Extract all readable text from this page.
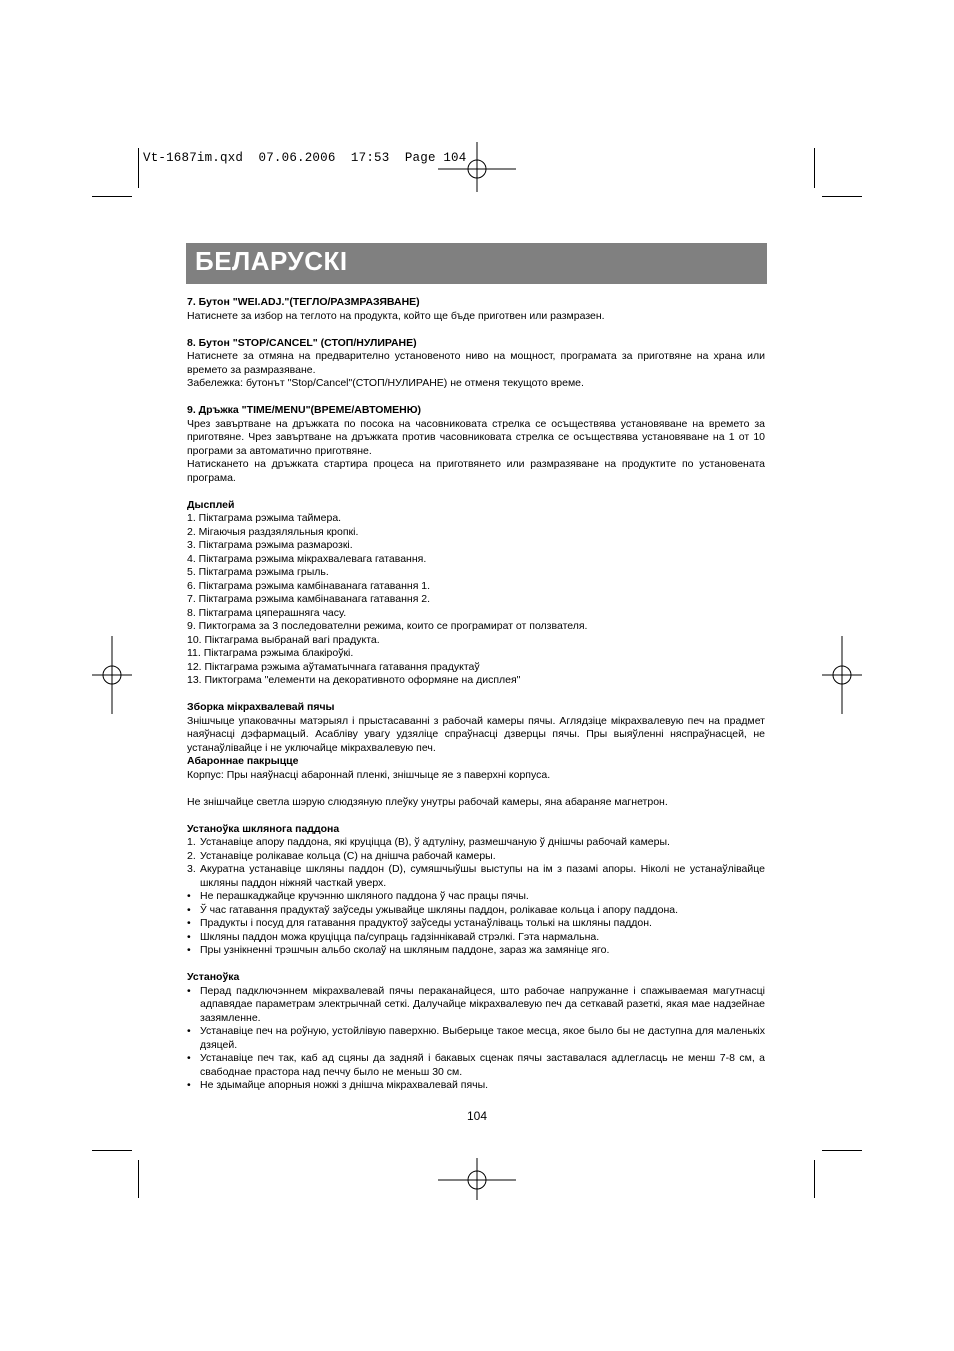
Vt-1687im.qxd  07.06.2006  17:53  Page 104
БЕЛАРУСКІ

7. Бутон "WEI.ADJ."(ТЕГЛО/РАЗМРАЗЯВАНЕ)

Натиснете за избор на теглото на продукта, който ще бъде приготвен или размразен.

8. Бутон "STOP/CANCEL" (СТОП/НУЛИРАНЕ)

Натиснете за отмяна на предварително установеното ниво на мощност, програмата за приготвяне на храна или времето за размразяване.

Забележка: бутонът "Stop/Cancel"(СТОП/НУЛИРАНЕ) не отменя текущото време.

9. Дръжка "TIME/MENU"(ВРЕМЕ/АВТОМЕНЮ)

Чрез завъртване на дръжката по посока на часовниковата стрелка се осъществява установяване на времето за приготвяне. Чрез завъртване на дръжката против часовниковата стрелка се осъществява установяване на 1 от 10 програми за автоматично приготвяне.

Натискането на дръжката стартира процеса на приготвянето или размразяване на продуктите по установената програма.

Дысплей

1. Піктаграма рэжыма таймера.
2. Мігаючыя раздзяляльныя кропкі.
3. Піктаграма рэжыма размарозкі.
4. Піктаграма рэжыма мікрахвалевага гатавання.
5. Піктаграма рэжыма грыль.
6. Піктаграма рэжыма камбінаванага гатавання 1.
7. Піктаграма рэжыма камбінаванага гатавання 2.
8. Піктаграма цяперашняга часу.
9. Пиктограма за 3 последователни режима, които се програмират от ползвателя.
10. Піктаграма выбранай вагі прадукта.
11. Піктаграма рэжыма блакіроўкі.
12. Піктаграма рэжыма аўтаматычнага гатавання прадуктаў
13. Пиктограма "елементи на декоративното оформяне на дисплея"

Зборка мікрахвалевай пячы

Знішчыце упаковачны матэрыял і прыстасаванні з рабочай камеры пячы. Аглядзіце мікрахвалевую печ на прадмет наяўнасці дэфармацый. Асабліву увагу удзяліце спраўнасці дзверцы пячы. Пры выяўленні няспраўнасцей, не устанаўлівайце і не уключайце мікрахвалевую печ.

Абароннае пакрыцце

Корпус: Пры наяўнасці абароннай пленкі, знішчыце яе з паверхні корпуса.

Не знішчайце светла шэрую слюдзяную плеўку унутры рабочай камеры, яна абараняе магнетрон.

Устаноўка шклянога паддона

1. Устанавіце апору паддона, які круціцца (В), ў адтуліну, размешчаную ў днішчы рабочай камеры.
2. Устанавіце ролікавае кольца (С) на днішча рабочай камеры.
3. Акуратна устанавіце шкляны паддон (D), сумяшчыўшы выступы на ім з пазамі апоры. Ніколі не устанаўлівайце шкляны паддон ніжняй часткай уверх.
• Не перашкаджайце кручэнню шкляного паддона ў час працы пячы.
• Ў час гатавання прадуктаў заўседы ужывайце шкляны паддон, ролікавае кольца і апору паддона.
• Прадукты і посуд для гатавання прадуктоў заўседы устанаўліваць толькі на шкляны паддон.
• Шкляны паддон можа круціцца па/супраць гадзіннікавай стрэлкі. Гэта нармальна.
• Пры узнікненні трэшчын альбо сколаў на шкляным паддоне, зараз жа замяніце яго.

Устаноўка

• Перад падключэннем мікрахвалевай пячы пераканайцеся, што рабочае напружанне і спажываемая магутнасці адпавядае параметрам электрычнай сеткі. Далучайце мікрахвалевую печ да сеткавай разеткі, якая мае надзейнае зазямленне.
• Устанавіце печ на роўную, устойлівую паверхню. Выберыце такое месца, якое было бы не даступна для маленькіх дзяцей.
• Устанавіце печ так, каб ад сцяны да задняй і бакавых сценак пячы заставалася адлегласць не менш 7-8 см, а свабоднае прастора над печчу было не меньш 30 см.
• Не здымайце апорныя ножкі з днішча мікрахвалевай пячы.
104
